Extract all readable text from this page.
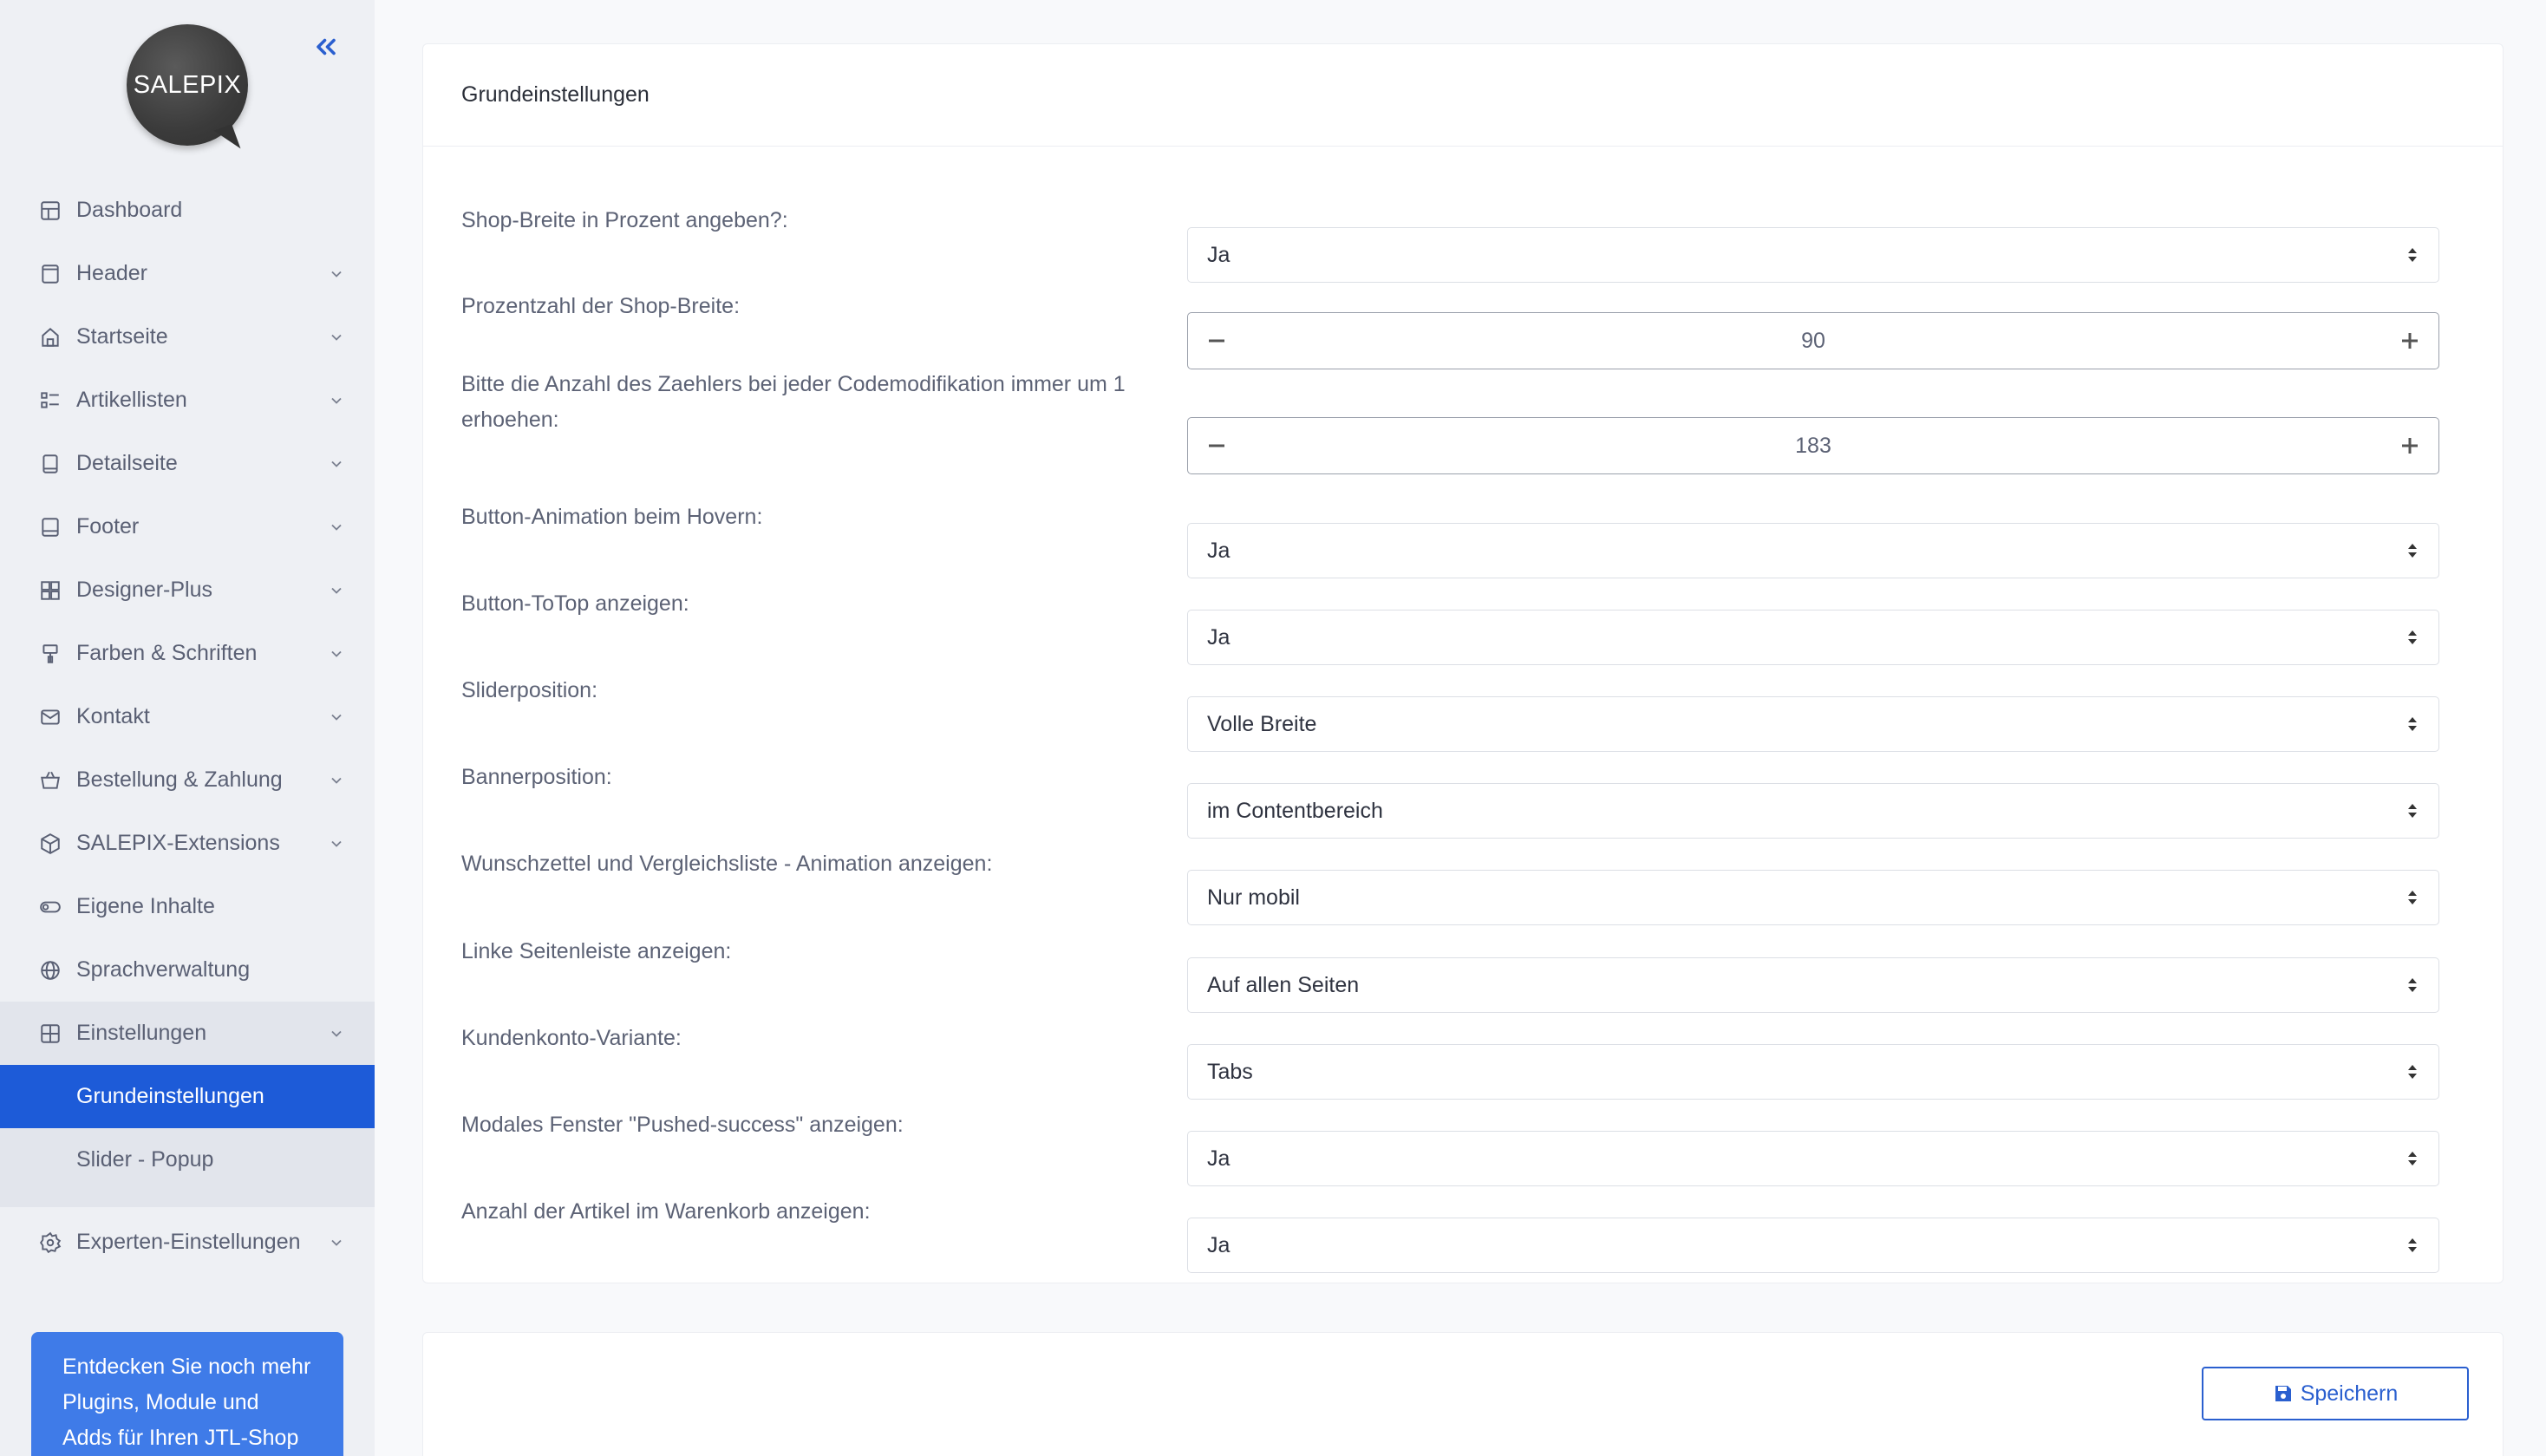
SALEPIX
Dashboard
Header
Startseite
Artikellisten
Detailseite
Footer
Designer-Plus
Farben & Schriften
Kontakt
Bestellung & Zahlung
SALEPIX-Extensions
Eigene Inhalte
Sprachverwaltung
Einstellungen
Grundeinstellungen
Slider - Popup
Experten-Einstellungen
Entdecken Sie noch mehr Plugins, Module und Adds für Ihren JTL-Shop
Grundeinstellungen
Shop-Breite in Prozent angeben?:
Ja
Prozentzahl der Shop-Breite:
90
Bitte die Anzahl des Zaehlers bei jeder Codemodifikation immer um 1 erhoehen:
183
Button-Animation beim Hovern:
Ja
Button-ToTop anzeigen:
Ja
Sliderposition:
Volle Breite
Bannerposition:
im Contentbereich
Wunschzettel und Vergleichsliste - Animation anzeigen:
Nur mobil
Linke Seitenleiste anzeigen:
Auf allen Seiten
Kundenkonto-Variante:
Tabs
Modales Fenster "Pushed-success" anzeigen:
Ja
Anzahl der Artikel im Warenkorb anzeigen:
Ja
Speichern
